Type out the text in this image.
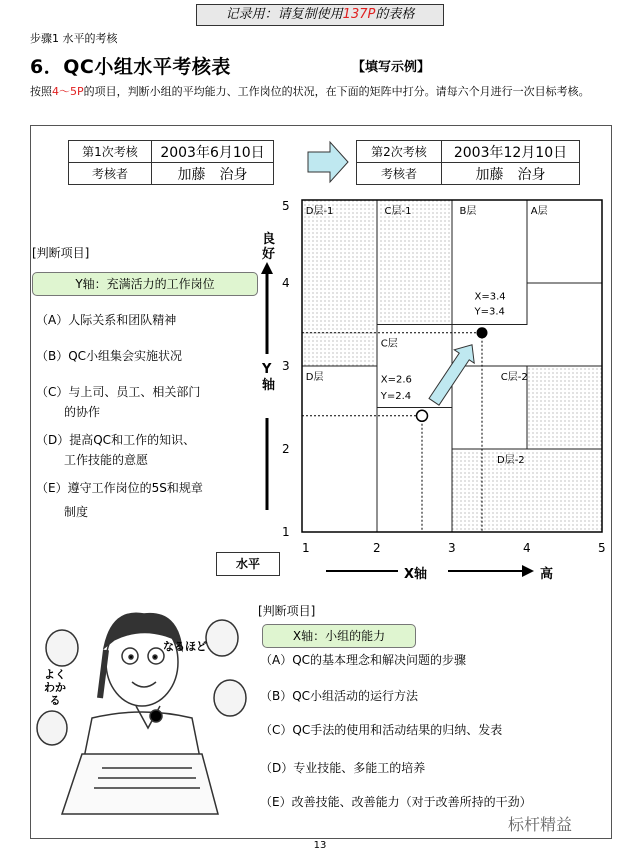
记录用：请复制使用137P的表格
步骤1 水平的考核
6．QC小组水平考核表	【填写示例】
按照4～5P的项目，判断小组的平均能力、工作岗位的状况，在下面的矩阵中打分。请每六个月进行一次目标考核。
第1次考核	2003年6月10日
考核者	加藤　治身
第2次考核	2003年12月10日
考核者	加藤　治身
[判断项目]
Y轴：充满活力的工作岗位
（A）人际关系和团队精神
（B）QC小组集会实施状况
（C）与上司、员工、相关部门
的协作
（D）提高QC和工作的知识、
工作技能的意愿
（E）遵守工作岗位的5S和规章
制度
良好
Y轴
水平
D层-1	C层-1	B层	A层
C层
D层	C层-2
D层-2
1	2	3	4	5
1
2
3
4
5
X=2.6
Y=2.4
X=3.4
Y=3.4
X轴	高
よく わかる
なるほど
[判断项目]
X轴：小组的能力
（A）QC的基本理念和解决问题的步骤
（B）QC小组活动的运行方法
（C）QC手法的使用和活动结果的归纳、发表
（D）专业技能、多能工的培养
（E）改善技能、改善能力（对于改善所持的干劲）
13
标杆精益
